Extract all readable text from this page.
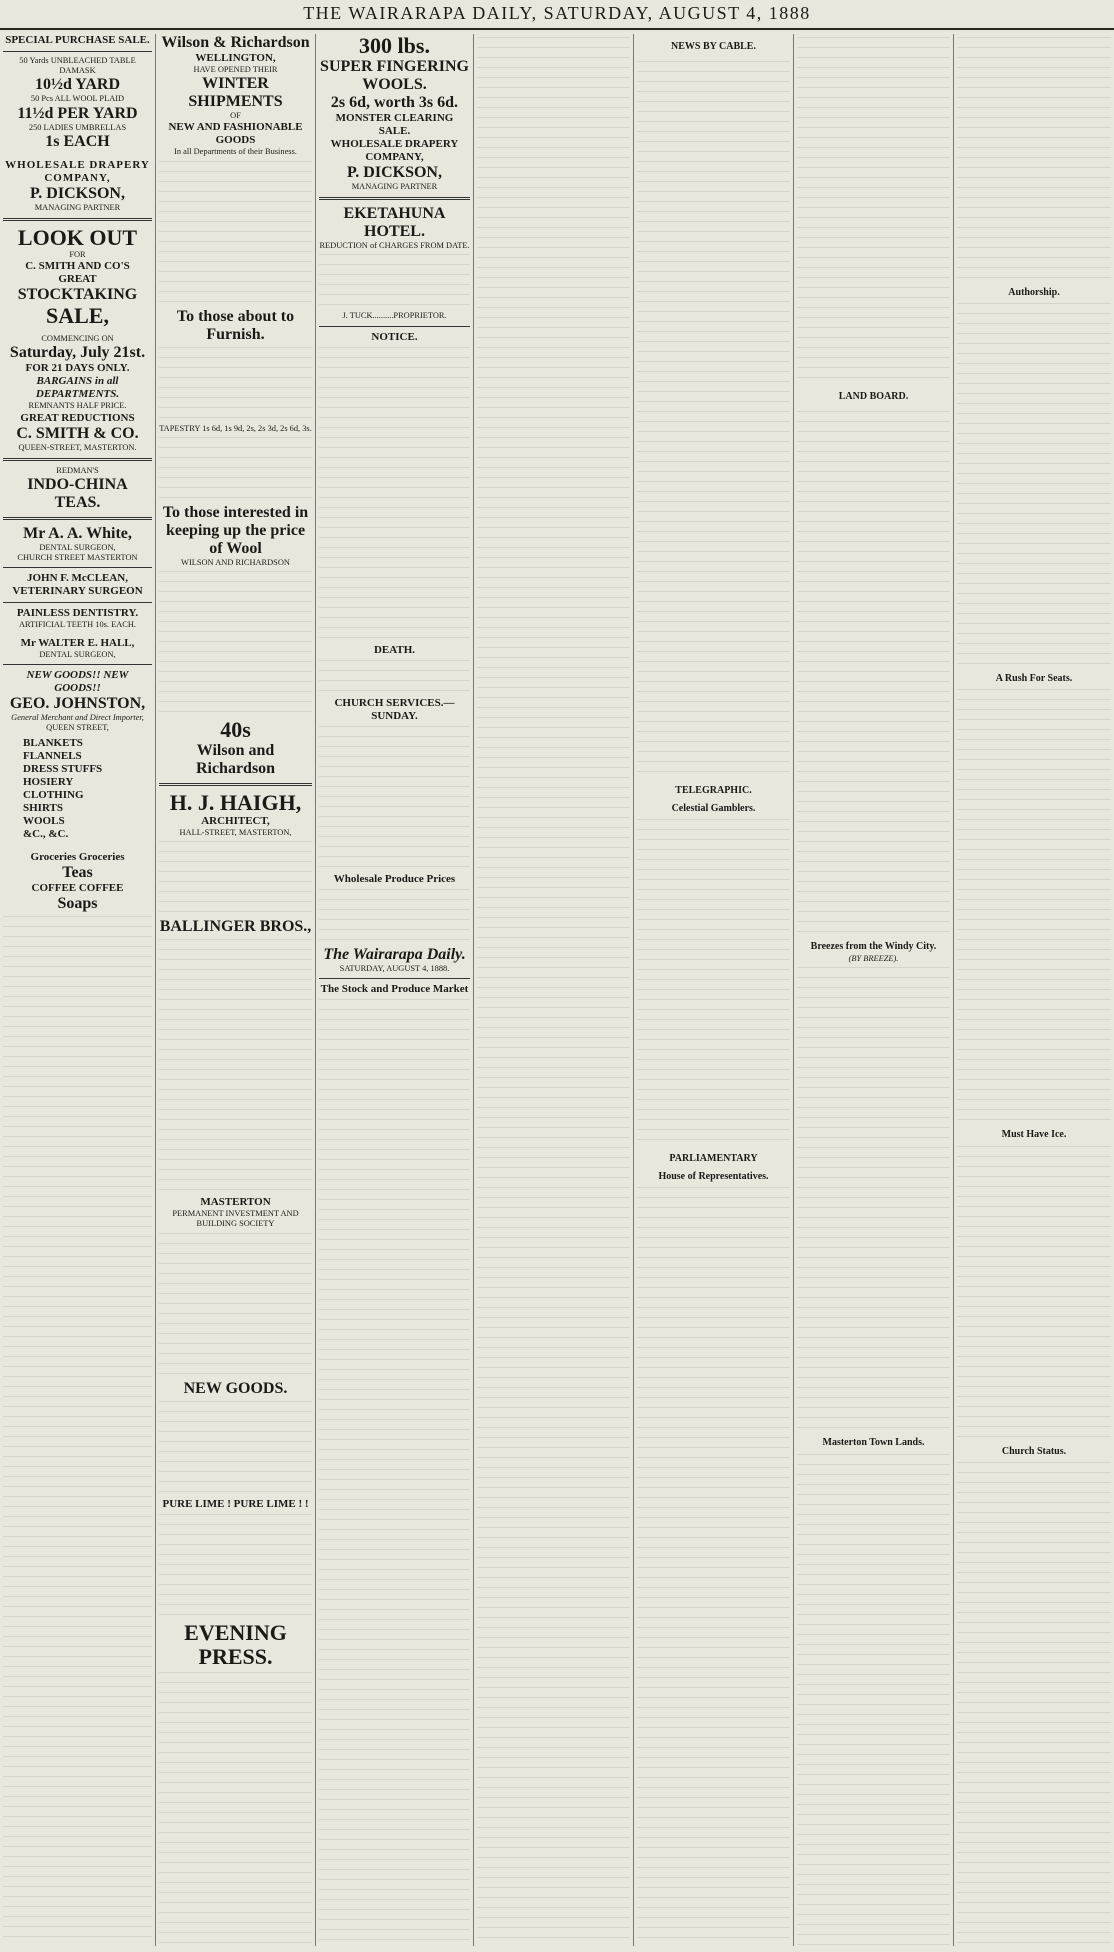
THE WAIRARAPA DAILY, SATURDAY, AUGUST 4, 1888
SPECIAL PURCHASE SALE.
50 Yards UNBLEACHED TABLE DAMASK
10½d YARD
50 Pcs ALL WOOL PLAID
11½d PER YARD
250 LADIES UMBRELLAS
1s EACH
WHOLESALE DRAPERY COMPANY,
P. DICKSON,
MANAGING PARTNER
LOOK OUT
FOR
C. SMITH AND CO'S
GREAT
STOCKTAKING
SALE,
COMMENCING ON
Saturday, July 21st.
FOR 21 DAYS ONLY.
BARGAINS in all DEPARTMENTS.
REMNANTS HALF PRICE.
GREAT REDUCTIONS
C. SMITH & CO.
QUEEN-STREET, MASTERTON.
REDMAN'S
INDO-CHINA TEAS.
Mr A. A. White,
DENTAL SURGEON,
CHURCH STREET MASTERTON
JOHN F. McCLEAN,
VETERINARY SURGEON
PAINLESS DENTISTRY.
ARTIFICIAL TEETH 10s. EACH.
Mr WALTER E. HALL,
DENTAL SURGEON,
NEW GOODS!! NEW GOODS!!
GEO. JOHNSTON,
General Merchant and Direct Importer,
QUEEN STREET,
BLANKETS
FLANNELS
DRESS STUFFS
HOSIERY
CLOTHING
SHIRTS
WOOLS
&C., &C.
Groceries Groceries
Teas
COFFEE COFFEE
Soaps
Wilson & Richardson
WELLINGTON,
HAVE OPENED THEIR
WINTER SHIPMENTS
OF
NEW AND FASHIONABLE GOODS
In all Departments of their Business.
To those about to Furnish.
TAPESTRY 1s 6d, 1s 9d, 2s, 2s 3d, 2s 6d, 3s.
To those interested in keeping up the price of Wool
WILSON AND RICHARDSON
40s
Wilson and Richardson
H. J. HAIGH,
ARCHITECT,
HALL-STREET, MASTERTON,
BALLINGER BROS.,
MASTERTON
PERMANENT INVESTMENT AND BUILDING SOCIETY
NEW GOODS.
PURE LIME ! PURE LIME ! !
EVENING PRESS.
300 lbs.
SUPER FINGERING WOOLS.
2s 6d, worth 3s 6d.
MONSTER CLEARING SALE.
WHOLESALE DRAPERY COMPANY,
P. DICKSON,
MANAGING PARTNER
EKETAHUNA HOTEL.
REDUCTION of CHARGES FROM DATE.
J. TUCK..........PROPRIETOR.
NOTICE.
DEATH.
CHURCH SERVICES.—SUNDAY.
Wholesale Produce Prices
The Wairarapa Daily.
SATURDAY, AUGUST 4, 1888.
The Stock and Produce Market
NEWS BY CABLE.
TELEGRAPHIC.
Celestial Gamblers.
PARLIAMENTARY
House of Representatives.
LAND BOARD.
Breezes from the Windy City.
(BY BREEZE).
Masterton Town Lands.
Authorship.
A Rush For Seats.
Must Have Ice.
Church Status.
